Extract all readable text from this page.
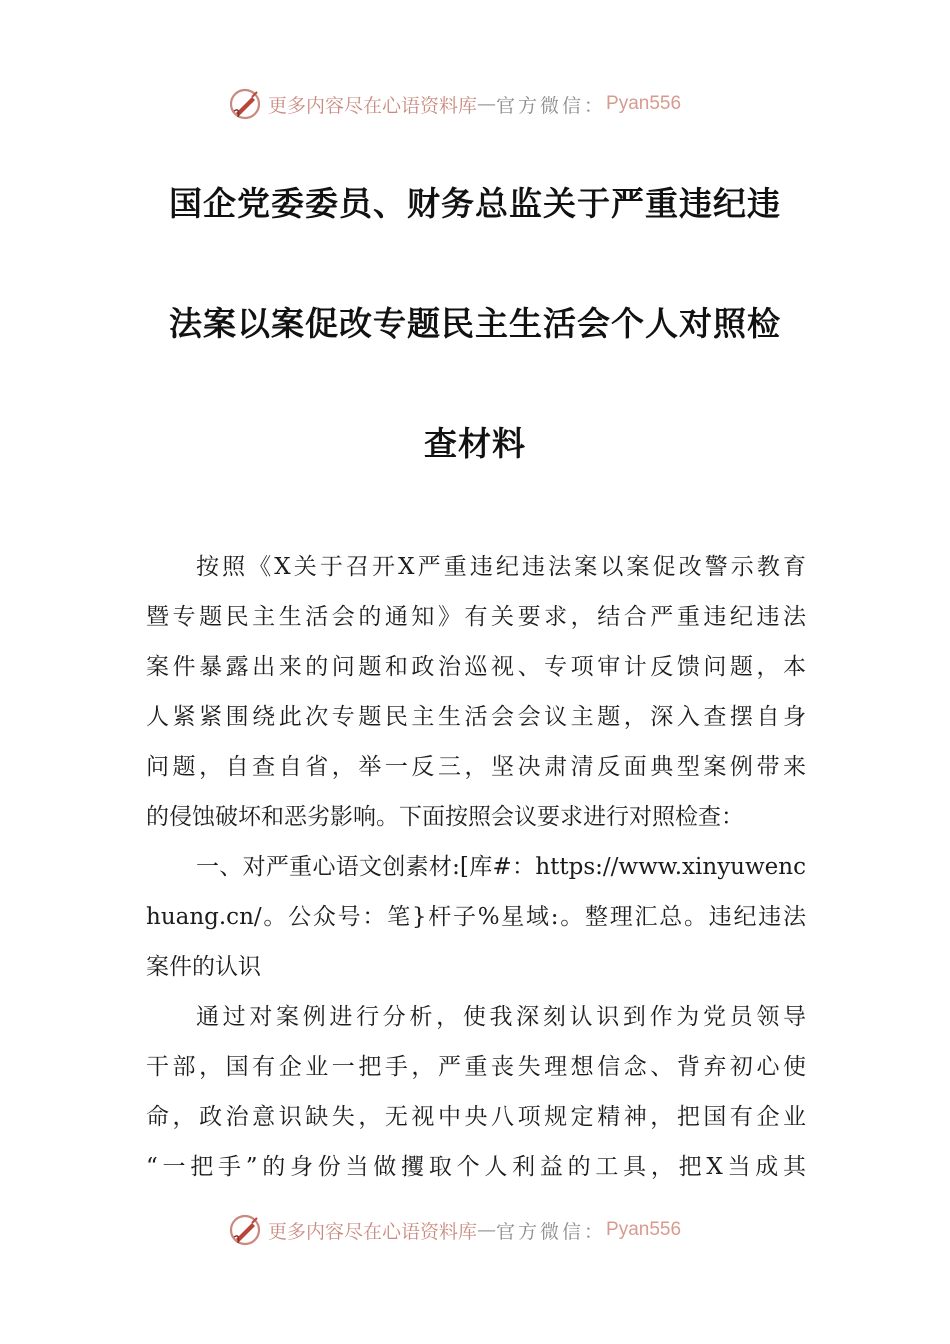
更多内容尽在心语资料库 — 官方微信： Pyan556
国企党委委员、财务总监关于严重违纪违
法案以案促改专题民主生活会个人对照检
查材料
按照《X关于召开X严重违纪违法案以案促改警示教育
暨专题民主生活会的通知》有关要求，结合严重违纪违法
案件暴露出来的问题和政治巡视、专项审计反馈问题，本
人紧紧围绕此次专题民主生活会会议主题，深入查摆自身
问题，自查自省，举一反三，坚决肃清反面典型案例带来
的侵蚀破坏和恶劣影响。下面按照会议要求进行对照检查：
一、对严重心语文创素材:[库#：https://www.xinyuwenc
huang.cn/。公众号：笔}杆子%星域:。整理汇总。违纪违法
案件的认识
通过对案例进行分析，使我深刻认识到作为党员领导
干部，国有企业一把手，严重丧失理想信念、背弃初心使
命，政治意识缺失，无视中央八项规定精神，把国有企业
“一把手”的身份当做攫取个人利益的工具，把X当成其
更多内容尽在心语资料库 — 官方微信： Pyan556
